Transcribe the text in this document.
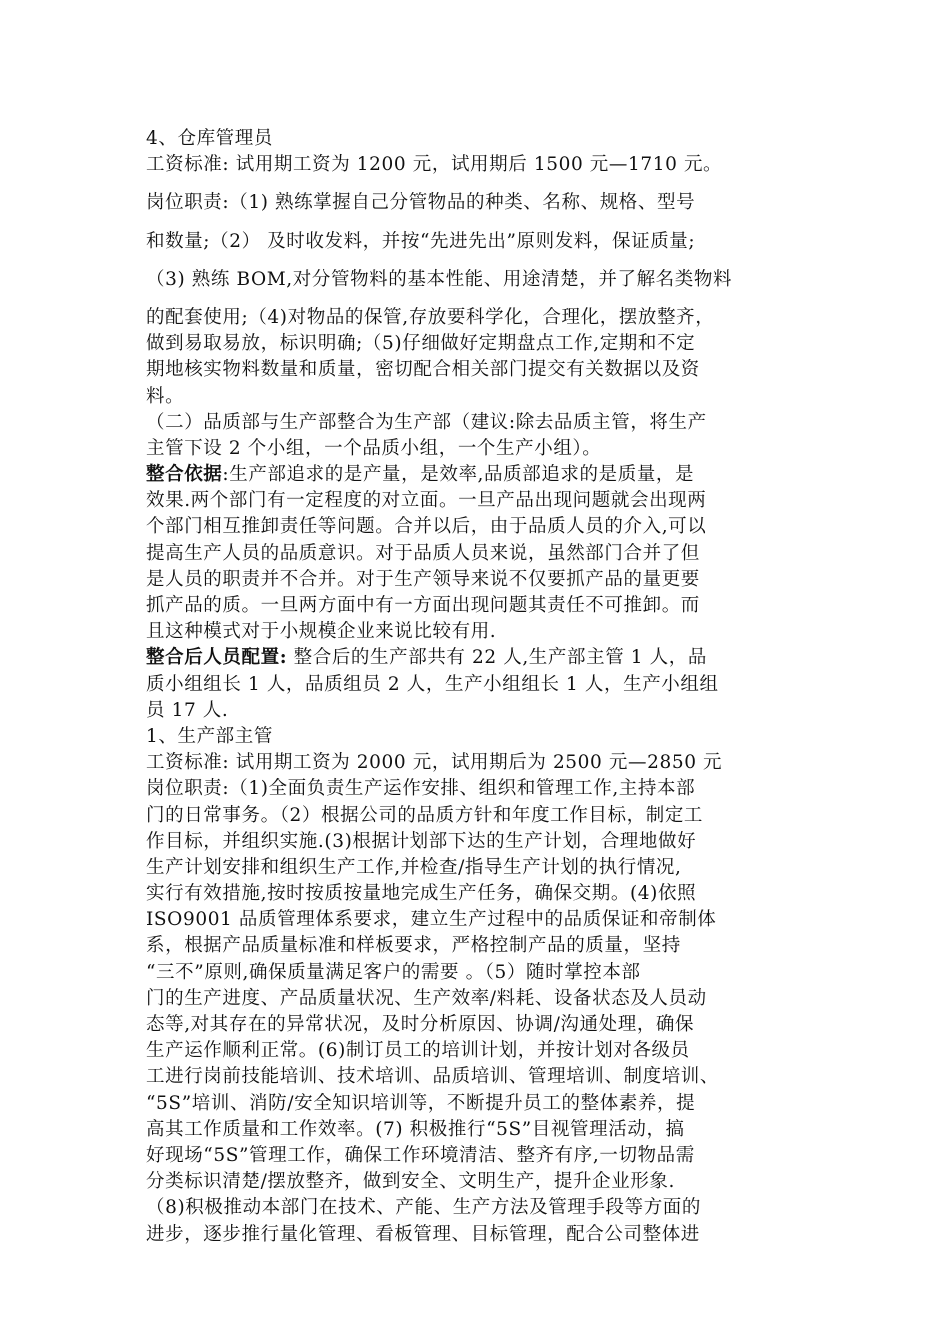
4、仓库管理员
工资标准: 试用期工资为 1200 元，试用期后 1500 元—1710 元。
岗位职责:（1) 熟练掌握自己分管物品的种类、名称、规格、型号
和数量;（2） 及时收发料，并按“先进先出”原则发料，保证质量;
（3) 熟练 BOM,对分管物料的基本性能、用途清楚，并了解名类物料
的配套使用;（4)对物品的保管,存放要科学化，合理化，摆放整齐，
做到易取易放，标识明确;（5)仔细做好定期盘点工作,定期和不定
期地核实物料数量和质量，密切配合相关部门提交有关数据以及资
料。
（二）品质部与生产部整合为生产部（建议:除去品质主管，将生产
主管下设 2 个小组，一个品质小组，一个生产小组）。
整合依据:生产部追求的是产量，是效率,品质部追求的是质量，是
效果.两个部门有一定程度的对立面。一旦产品出现问题就会出现两
个部门相互推卸责任等问题。合并以后，由于品质人员的介入,可以
提高生产人员的品质意识。对于品质人员来说，虽然部门合并了但
是人员的职责并不合并。对于生产领导来说不仅要抓产品的量更要
抓产品的质。一旦两方面中有一方面出现问题其责任不可推卸。而
且这种模式对于小规模企业来说比较有用.
整合后人员配置: 整合后的生产部共有 22 人,生产部主管 1 人，品
质小组组长 1 人，品质组员 2 人，生产小组组长 1 人，生产小组组
员 17 人.
1、生产部主管
工资标准: 试用期工资为 2000 元，试用期后为 2500 元—2850 元
岗位职责:（1)全面负责生产运作安排、组织和管理工作,主持本部
门的日常事务。（2）根据公司的品质方针和年度工作目标，制定工
作目标，并组织实施.(3)根据计划部下达的生产计划，合理地做好
生产计划安排和组织生产工作,并检查/指导生产计划的执行情况,
实行有效措施,按时按质按量地完成生产任务，确保交期。(4)依照
ISO9001 品质管理体系要求，建立生产过程中的品质保证和帝制体
系，根据产品质量标准和样板要求，严格控制产品的质量，坚持
“三不”原则,确保质量满足客户的需要 。（5）随时掌控本部
门的生产进度、产品质量状况、生产效率/料耗、设备状态及人员动
态等,对其存在的异常状况，及时分析原因、协调/沟通处理，确保
生产运作顺利正常。(6)制订员工的培训计划，并按计划对各级员
工进行岗前技能培训、技术培训、品质培训、管理培训、制度培训、
“5S”培训、消防/安全知识培训等，不断提升员工的整体素养，提
高其工作质量和工作效率。(7) 积极推行“5S”目视管理活动，搞
好现场“5S”管理工作，确保工作环境清洁、整齐有序,一切物品需
分类标识清楚/摆放整齐，做到安全、文明生产，提升企业形象.
（8)积极推动本部门在技术、产能、生产方法及管理手段等方面的
进步，逐步推行量化管理、看板管理、目标管理，配合公司整体进
